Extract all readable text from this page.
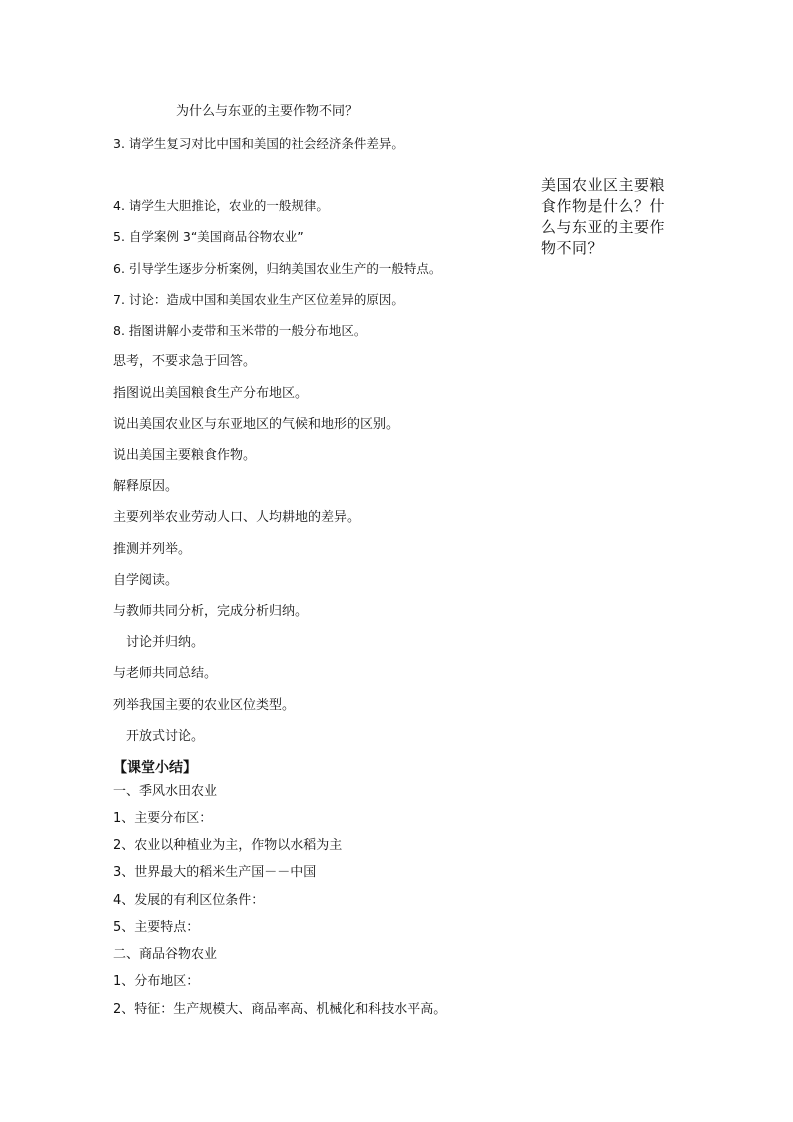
为什么与东亚的主要作物不同？
3. 请学生复习对比中国和美国的社会经济条件差异。
4. 请学生大胆推论，农业的一般规律。
5. 自学案例 3“美国商品谷物农业”
6. 引导学生逐步分析案例，归纳美国农业生产的一般特点。
7. 讨论：造成中国和美国农业生产区位差异的原因。
8. 指图讲解小麦带和玉米带的一般分布地区。
思考，不要求急于回答。
指图说出美国粮食生产分布地区。
说出美国农业区与东亚地区的气候和地形的区别。
说出美国主要粮食作物。
解释原因。
主要列举农业劳动人口、人均耕地的差异。
推测并列举。
自学阅读。
与教师共同分析，完成分析归纳。
讨论并归纳。
与老师共同总结。
列举我国主要的农业区位类型。
开放式讨论。
【课堂小结】
一、季风水田农业
1、主要分布区：
2、农业以种植业为主，作物以水稻为主
3、世界最大的稻米生产国－－中国
4、发展的有利区位条件：
5、主要特点：
二、商品谷物农业
1、分布地区：
2、特征：生产规模大、商品率高、机械化和科技水平高。
美国农业区主要粮
食作物是什么？什
么与东亚的主要作
物不同？
